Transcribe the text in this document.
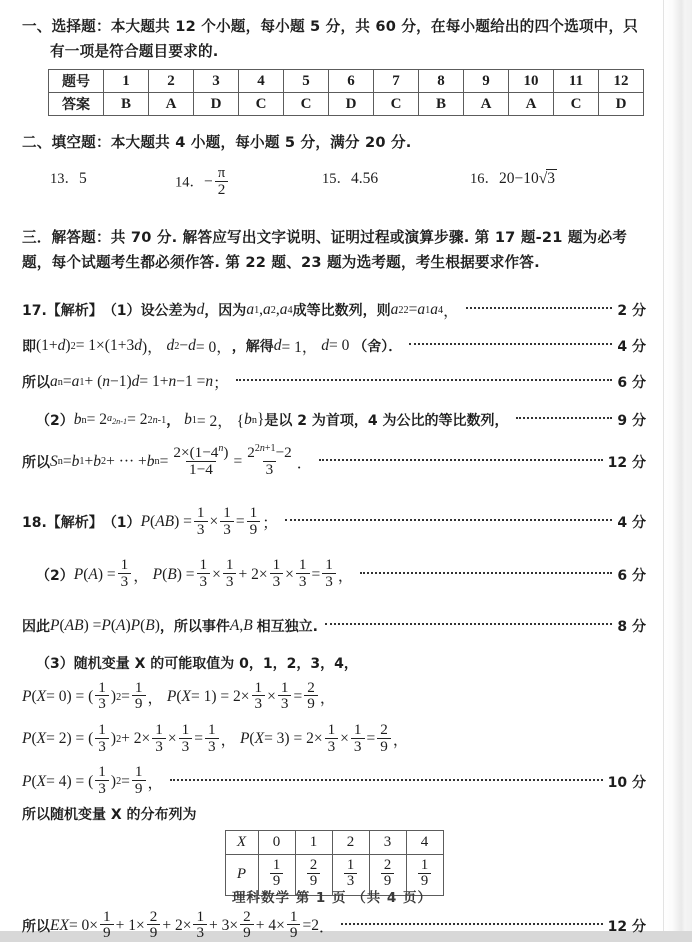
一、选择题：本大题共 12 个小题，每小题 5 分，共 60 分，在每小题给出的四个选项中，只
有一项是符合题目要求的.
题号	1	2	3	4	5	6	7	8	9	10	11	12
答案	B	A	D	C	C	D	C	B	A	A	C	D
二、填空题：本大题共 4 小题，每小题 5 分，满分 20 分.
13．5	14．− $\frac{\pi}{2}$	15．4.56	16．20−10√3
三．解答题：共 70 分. 解答应写出文字说明、证明过程或演算步骤. 第 17 题-21 题为必考
题，每个试题考生都必须作答. 第 22 题、23 题为选考题，考生根据要求作答.
17.【解析】 （1） 设公差为 d ，因为 a 1 , a 2 , a 4 成等比数列，则 a 2 2 = a 1 a 4 ，	2 分
即 (1+ d ) 2 = 1×(1+3 d )， d 2 − d = 0， ，解得 d = 1， d = 0 （舍）．	4 分
所以 a n = a 1 + ( n −1) d = 1+ n −1 = n ；	6 分
（2） b n = 2 $a_{2n-1} = 2$ 2n-1 ，
b 1 = 2， { b n } 是以 2 为首项，4 为公比的等比数列，	9 分
所以 S n = b 1 + b 2 + ··· + b $n = \frac{2\times(1-4^n)}{1-4} = \frac{2^{2n+1}-2}{3}$ ．	12 分
18.【解析】 （1） P ( AB ) = $\frac{1}{3} \times \frac{1}{3} = \frac{1}{9}$ ；	4 分
（2） P ( A ) = $\frac{1}{3}$ ， P ( B ) = $\frac{1}{3} \times \frac{1}{3} + 2\times \frac{1}{3} \times \frac{1}{3} = \frac{1}{3}$ ，	6 分
因此 P ( AB ) = P ( A ) P ( B ) ，所以事件 A , B
相互独立.	8 分
（3） 随机变量 X 的可能取值为 0，1，2，3，4，
P ( X = 0) = ( $\frac{1}{3}$ ) $2 = \frac{1}{9}$ ， P ( $X = 1) = 2\times \frac{1}{3} \times \frac{1}{3} = \frac{2}{9}$ ，
P ( X = 2) = ( $\frac{1}{3}$ ) $2 + 2\times \frac{1}{3} \times \frac{1}{3} = \frac{1}{3}$ ， P ( $X = 3) = 2\times \frac{1}{3} \times \frac{1}{3} = \frac{2}{9}$ ，
P ( X = 4) = ( $\frac{1}{3}$ ) $2 = \frac{1}{9}$ ，	10 分
所以随机变量 X 的分布列为
X	0	1	2	3	4
P	$\frac{1}{9}$	$\frac{2}{9}$	$\frac{1}{3}$	$\frac{2}{9}$	$\frac{1}{9}$
所以 EX = $0\times \frac{1}{9} + 1\times \frac{2}{9} + 2\times \frac{1}{3} + 3\times \frac{2}{9} + 4\times \frac{1}{9} = 2$ ．	12 分
理科数学 第 1 页 （共 4 页）
